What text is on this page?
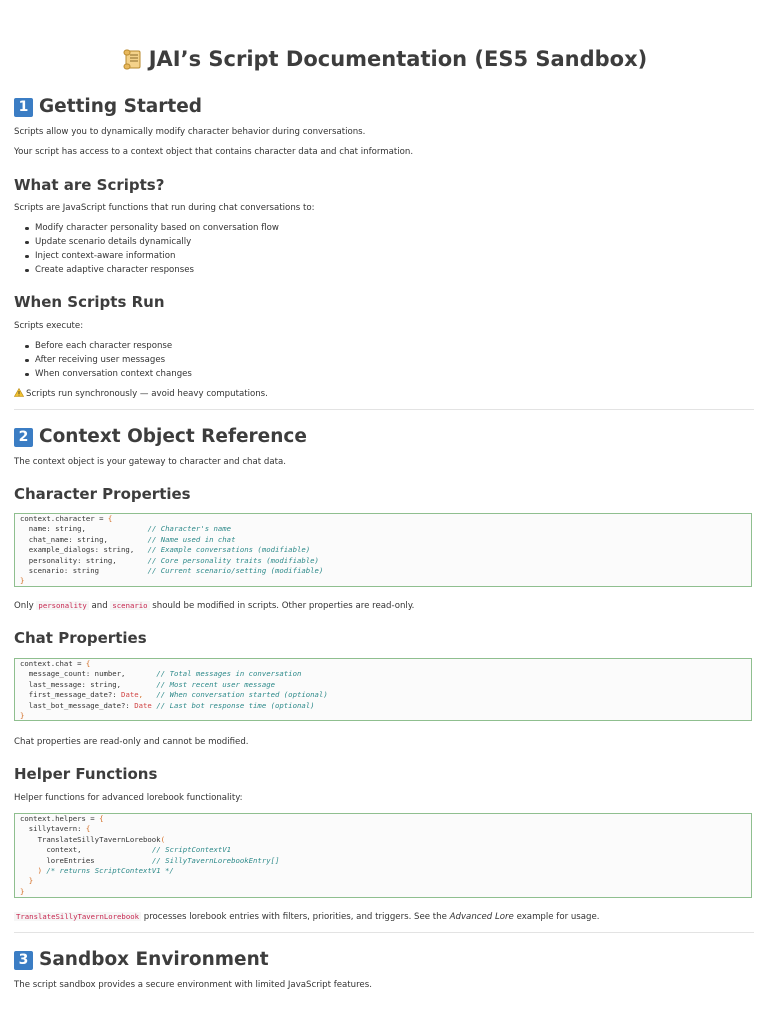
JAI’s Script Documentation (ES5 Sandbox)
1 Getting Started
Scripts allow you to dynamically modify character behavior during conversations.
Your script has access to a context object that contains character data and chat information.
What are Scripts?
Scripts are JavaScript functions that run during chat conversations to:
Modify character personality based on conversation flow
Update scenario details dynamically
Inject context-aware information
Create adaptive character responses
When Scripts Run
Scripts execute:
Before each character response
After receiving user messages
When conversation context changes
Scripts run synchronously — avoid heavy computations.
2 Context Object Reference
The context object is your gateway to character and chat data.
Character Properties
context.character = {
name: string,	// Character's name
chat_name: string,	// Name used in chat
example_dialogs: string, // Example conversations (modifiable)
personality: string,	// Core personality traits (modifiable)
scenario: string	// Current scenario/setting (modifiable)
}
Only personality and scenario should be modified in scripts. Other properties are read-only.
Chat Properties
context.chat = {
message_count: number,	// Total messages in conversation
last_message: string,	// Most recent user message
first_message_date?: Date, // When conversation started (optional)
last_bot_message_date?: Date // Last bot response time (optional)
}
Chat properties are read-only and cannot be modified.
Helper Functions
Helper functions for advanced lorebook functionality:
context.helpers = {
sillytavern: {
TranslateSillyTavernLorebook(
context,	// ScriptContextV1
loreEntries	// SillyTavernLorebookEntry[]
) /* returns ScriptContextV1 */
}
}
TranslateSillyTavernLorebook processes lorebook entries with filters, priorities, and triggers. See the Advanced Lore example for usage.
3 Sandbox Environment
The script sandbox provides a secure environment with limited JavaScript features.
